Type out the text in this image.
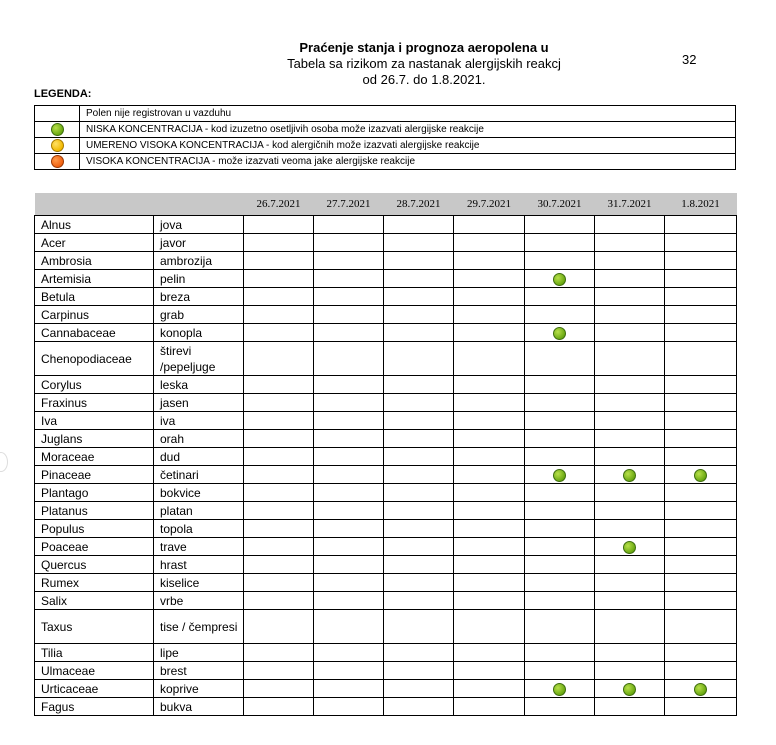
Praćenje stanja i prognoza aeropolena u
Tabela sa rizikom za nastanak alergijskih reakcj
od 26.7. do 1.8.2021.
32
LEGENDA:
	Polen nije registrovan u vazduhu
	NISKA KONCENTRACIJA - kod izuzetno osetljivih osoba može izazvati alergijske reakcije
	UMERENO VISOKA KONCENTRACIJA - kod alergičnih može izazvati alergijske reakcije
	VISOKA KONCENTRACIJA - može izazvati veoma jake alergijske reakcije
		26.7.2021	27.7.2021	28.7.2021	29.7.2021	30.7.2021	31.7.2021	1.8.2021
Alnus	jova							
Acer	javor							
Ambrosia	ambrozija							
Artemisia	pelin							
Betula	breza							
Carpinus	grab							
Cannabaceae	konopla							
Chenopodiaceae	štirevi /pepeljuge							
Corylus	leska							
Fraxinus	jasen							
Iva	iva							
Juglans	orah							
Moraceae	dud							
Pinaceae	četinari							
Plantago	bokvice							
Platanus	platan							
Populus	topola							
Poaceae	trave							
Quercus	hrast							
Rumex	kiselice							
Salix	vrbe							
Taxus	tise / čempresi							
Tilia	lipe							
Ulmaceae	brest							
Urticaceae	koprive							
Fagus	bukva							
